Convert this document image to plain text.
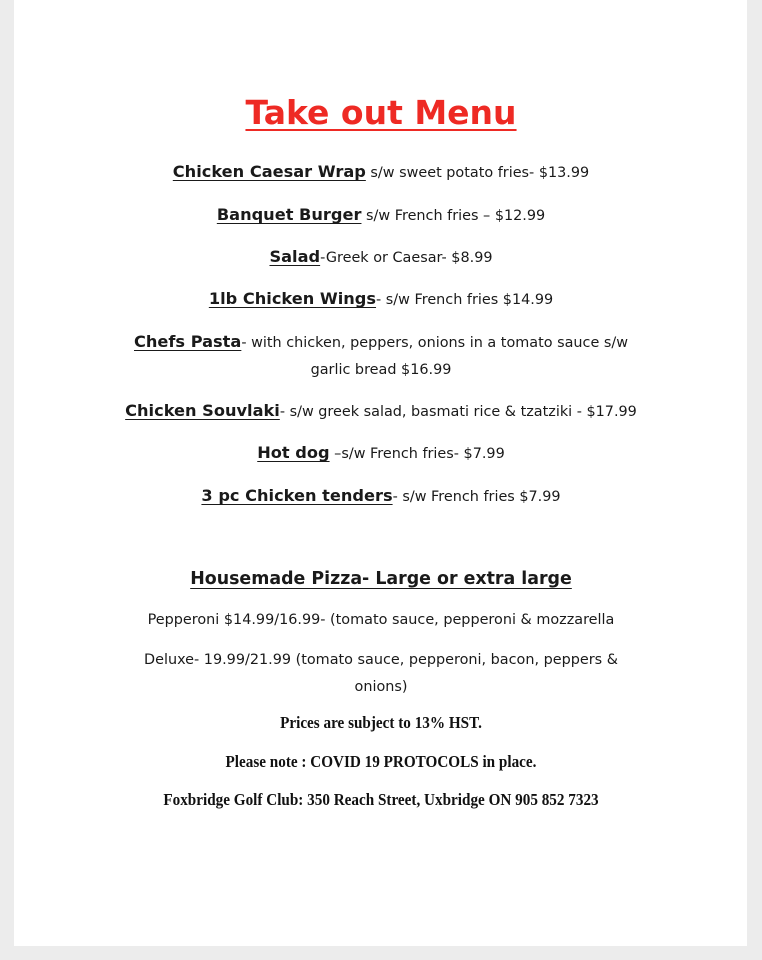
Take out Menu
Chicken Caesar Wrap s/w sweet potato fries- $13.99
Banquet Burger s/w French fries – $12.99
Salad-Greek or Caesar- $8.99
1lb Chicken Wings- s/w French fries $14.99
Chefs Pasta- with chicken, peppers, onions in a tomato sauce s/w
garlic bread $16.99
Chicken Souvlaki- s/w greek salad, basmati rice & tzatziki - $17.99
Hot dog –s/w French fries- $7.99
3 pc Chicken tenders- s/w French fries $7.99
Housemade Pizza- Large or extra large
Pepperoni $14.99/16.99- (tomato sauce, pepperoni & mozzarella
Deluxe- 19.99/21.99 (tomato sauce, pepperoni, bacon, peppers &
onions)
Prices are subject to 13% HST.
Please note : COVID 19 PROTOCOLS in place.
Foxbridge Golf Club: 350 Reach Street, Uxbridge ON 905 852 7323
